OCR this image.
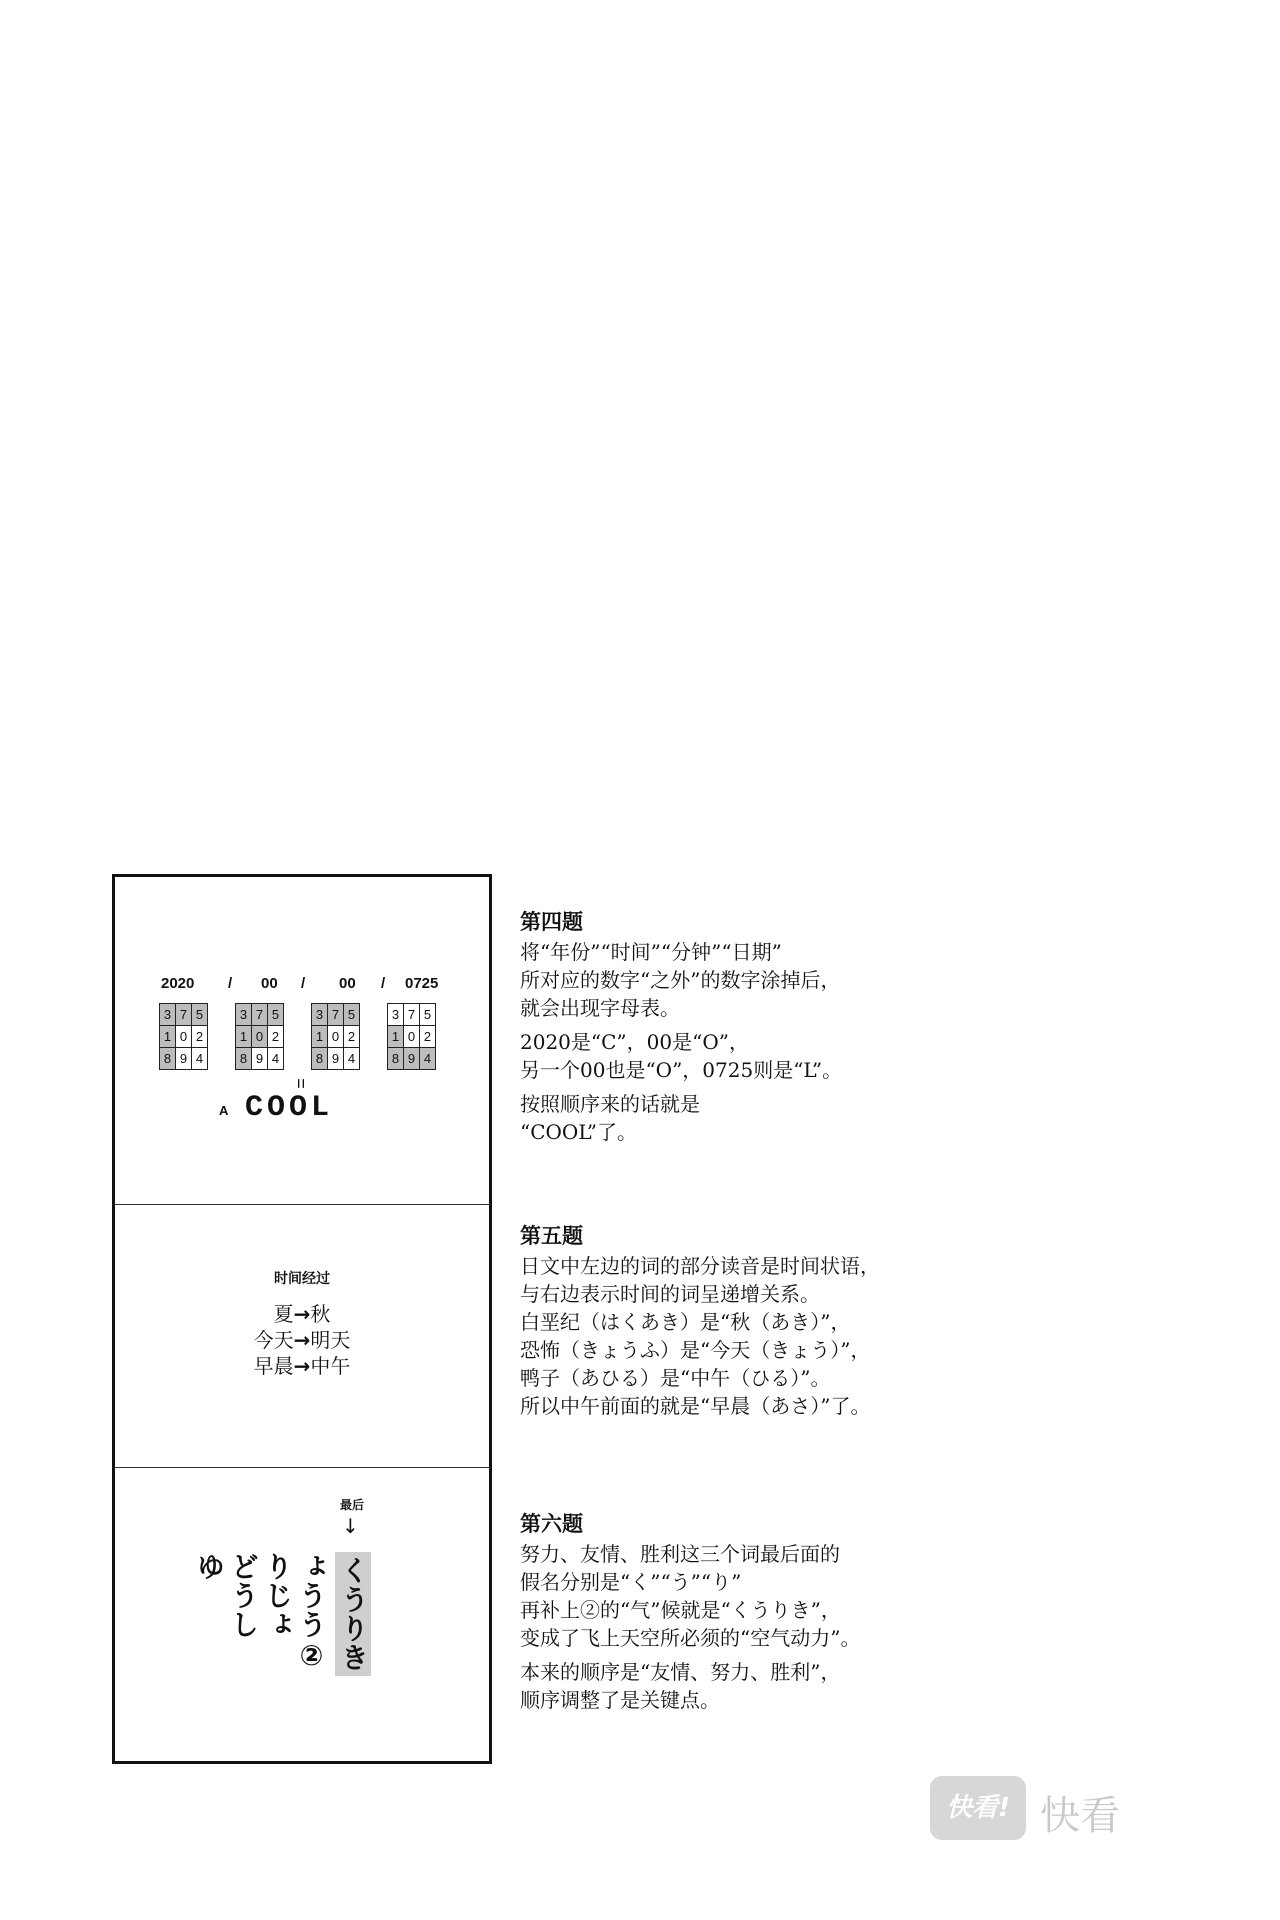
2020 / 00 / 00 / 0725
3 7 5
1 0 2
8 9 4
3 7 5
1 0 2
8 9 4
3 7 5
1 0 2
8 9 4
3 7 5
1 0 2
8 9 4
=
A COOL
时间经过
夏→秋
今天→明天
早晨→中午
最后
↓
くうりき
ょうう②
りじょ
どうし
ゆ

第四题

将“年份”“时间”“分钟”“日期”

所对应的数字“之外”的数字涂掉后，

就会出现字母表。

2020是“C”，00是“O”，

另一个00也是“O”，0725则是“L”。

按照顺序来的话就是

“COOL”了。

第五题

日文中左边的词的部分读音是时间状语，

与右边表示时间的词呈递增关系。

白垩纪（はくあき）是“秋（あき）”，

恐怖（きょうふ）是“今天（きょう）”，

鸭子（あひる）是“中午（ひる）”。

所以中午前面的就是“早晨（あさ）”了。

第六题

努力、友情、胜利这三个词最后面的

假名分别是“く”“う”“り”

再补上②的“气”候就是“くうりき”，

变成了飞上天空所必须的“空气动力”。

本来的顺序是“友情、努力、胜利”，

顺序调整了是关键点。

快看! 快看
